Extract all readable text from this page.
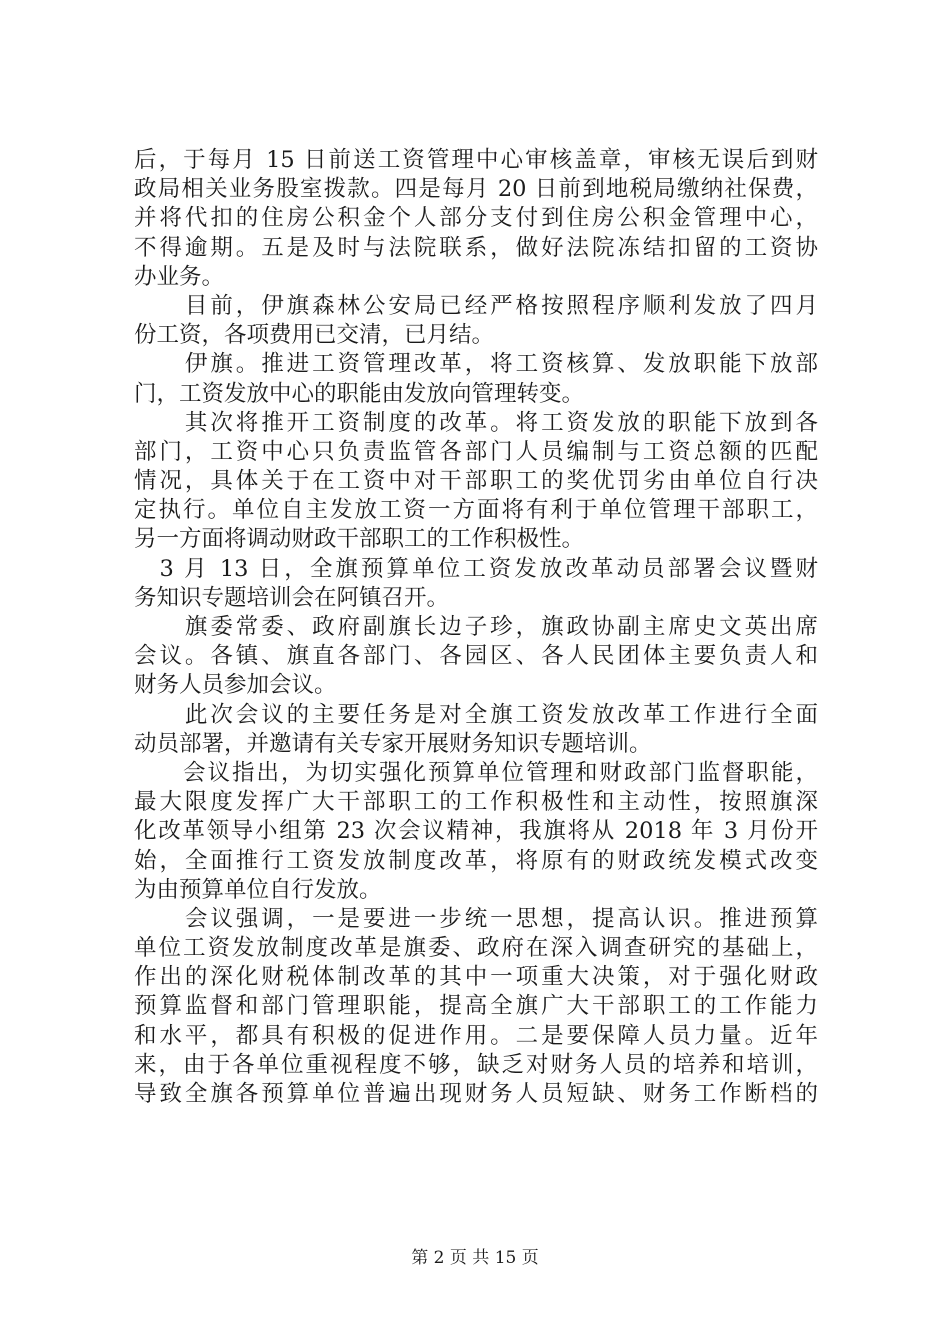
后，于每月 15 日前送工资管理中心审核盖章，审核无误后到财
政局相关业务股室拨款。四是每月 20 日前到地税局缴纳社保费，
并将代扣的住房公积金个人部分支付到住房公积金管理中心，
不得逾期。五是及时与法院联系，做好法院冻结扣留的工资协
办业务。
　　目前，伊旗森林公安局已经严格按照程序顺利发放了四月
份工资，各项费用已交清，已月结。
　　伊旗。推进工资管理改革，将工资核算、发放职能下放部
门，工资发放中心的职能由发放向管理转变。
　　其次将推开工资制度的改革。将工资发放的职能下放到各
部门，工资中心只负责监管各部门人员编制与工资总额的匹配
情况，具体关于在工资中对干部职工的奖优罚劣由单位自行决
定执行。单位自主发放工资一方面将有利于单位管理干部职工，
另一方面将调动财政干部职工的工作积极性。
　3 月 13 日，全旗预算单位工资发放改革动员部署会议暨财
务知识专题培训会在阿镇召开。
　　旗委常委、政府副旗长边子珍，旗政协副主席史文英出席
会议。各镇、旗直各部门、各园区、各人民团体主要负责人和
财务人员参加会议。
　　此次会议的主要任务是对全旗工资发放改革工作进行全面
动员部署，并邀请有关专家开展财务知识专题培训。
　　会议指出，为切实强化预算单位管理和财政部门监督职能，
最大限度发挥广大干部职工的工作积极性和主动性，按照旗深
化改革领导小组第 23 次会议精神，我旗将从 2018 年 3 月份开
始，全面推行工资发放制度改革，将原有的财政统发模式改变
为由预算单位自行发放。
　　会议强调，一是要进一步统一思想，提高认识。推进预算
单位工资发放制度改革是旗委、政府在深入调查研究的基础上，
作出的深化财税体制改革的其中一项重大决策，对于强化财政
预算监督和部门管理职能，提高全旗广大干部职工的工作能力
和水平，都具有积极的促进作用。二是要保障人员力量。近年
来，由于各单位重视程度不够，缺乏对财务人员的培养和培训，
导致全旗各预算单位普遍出现财务人员短缺、财务工作断档的
第 2 页 共 15 页
